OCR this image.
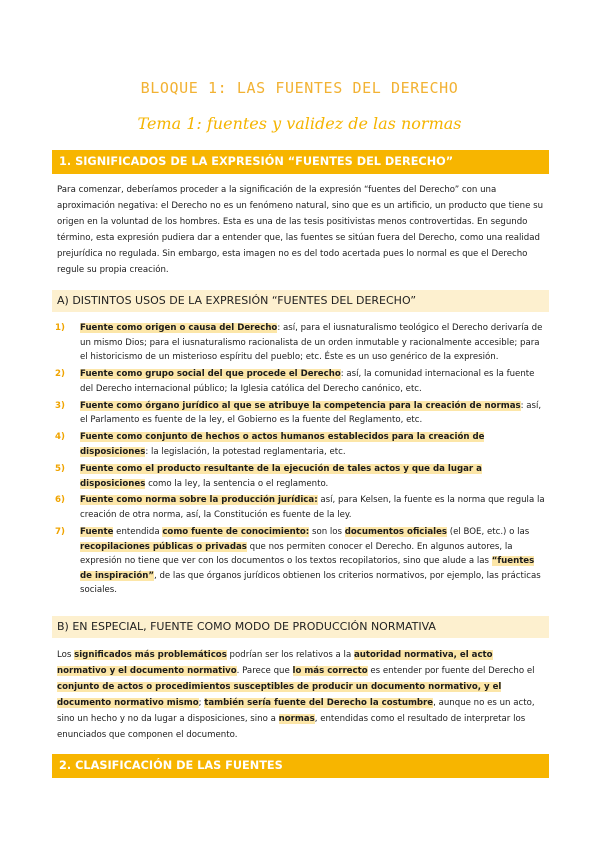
BLOQUE 1: LAS FUENTES DEL DERECHO
Tema 1: fuentes y validez de las normas
1. SIGNIFICADOS DE LA EXPRESIÓN “FUENTES DEL DERECHO”
Para comenzar, deberíamos proceder a la significación de la expresión “fuentes del Derecho” con una aproximación negativa: el Derecho no es un fenómeno natural, sino que es un artificio, un producto que tiene su origen en la voluntad de los hombres. Esta es una de las tesis positivistas menos controvertidas. En segundo término, esta expresión pudiera dar a entender que, las fuentes se sitúan fuera del Derecho, como una realidad prejurídica no regulada. Sin embargo, esta imagen no es del todo acertada pues lo normal es que el Derecho regule su propia creación.
A) DISTINTOS USOS DE LA EXPRESIÓN “FUENTES DEL DERECHO”
1) Fuente como origen o causa del Derecho: así, para el iusnaturalismo teológico el Derecho derivaría de un mismo Dios; para el iusnaturalismo racionalista de un orden inmutable y racionalmente accesible; para el historicismo de un misterioso espíritu del pueblo; etc. Éste es un uso genérico de la expresión.
2) Fuente como grupo social del que procede el Derecho: así, la comunidad internacional es la fuente del Derecho internacional público; la Iglesia católica del Derecho canónico, etc.
3) Fuente como órgano jurídico al que se atribuye la competencia para la creación de normas: así, el Parlamento es fuente de la ley, el Gobierno es la fuente del Reglamento, etc.
4) Fuente como conjunto de hechos o actos humanos establecidos para la creación de disposiciones: la legislación, la potestad reglamentaria, etc.
5) Fuente como el producto resultante de la ejecución de tales actos y que da lugar a disposiciones como la ley, la sentencia o el reglamento.
6) Fuente como norma sobre la producción jurídica: así, para Kelsen, la fuente es la norma que regula la creación de otra norma, así, la Constitución es fuente de la ley.
7) Fuente entendida como fuente de conocimiento: son los documentos oficiales (el BOE, etc.) o las recopilaciones públicas o privadas que nos permiten conocer el Derecho. En algunos autores, la expresión no tiene que ver con los documentos o los textos recopilatorios, sino que alude a las “fuentes de inspiración”, de las que órganos jurídicos obtienen los criterios normativos, por ejemplo, las prácticas sociales.
B) EN ESPECIAL, FUENTE COMO MODO DE PRODUCCIÓN NORMATIVA
Los significados más problemáticos podrían ser los relativos a la autoridad normativa, el acto normativo y el documento normativo. Parece que lo más correcto es entender por fuente del Derecho el conjunto de actos o procedimientos susceptibles de producir un documento normativo, y el documento normativo mismo; también sería fuente del Derecho la costumbre, aunque no es un acto, sino un hecho y no da lugar a disposiciones, sino a normas, entendidas como el resultado de interpretar los enunciados que componen el documento.
2. CLASIFICACIÓN DE LAS FUENTES
